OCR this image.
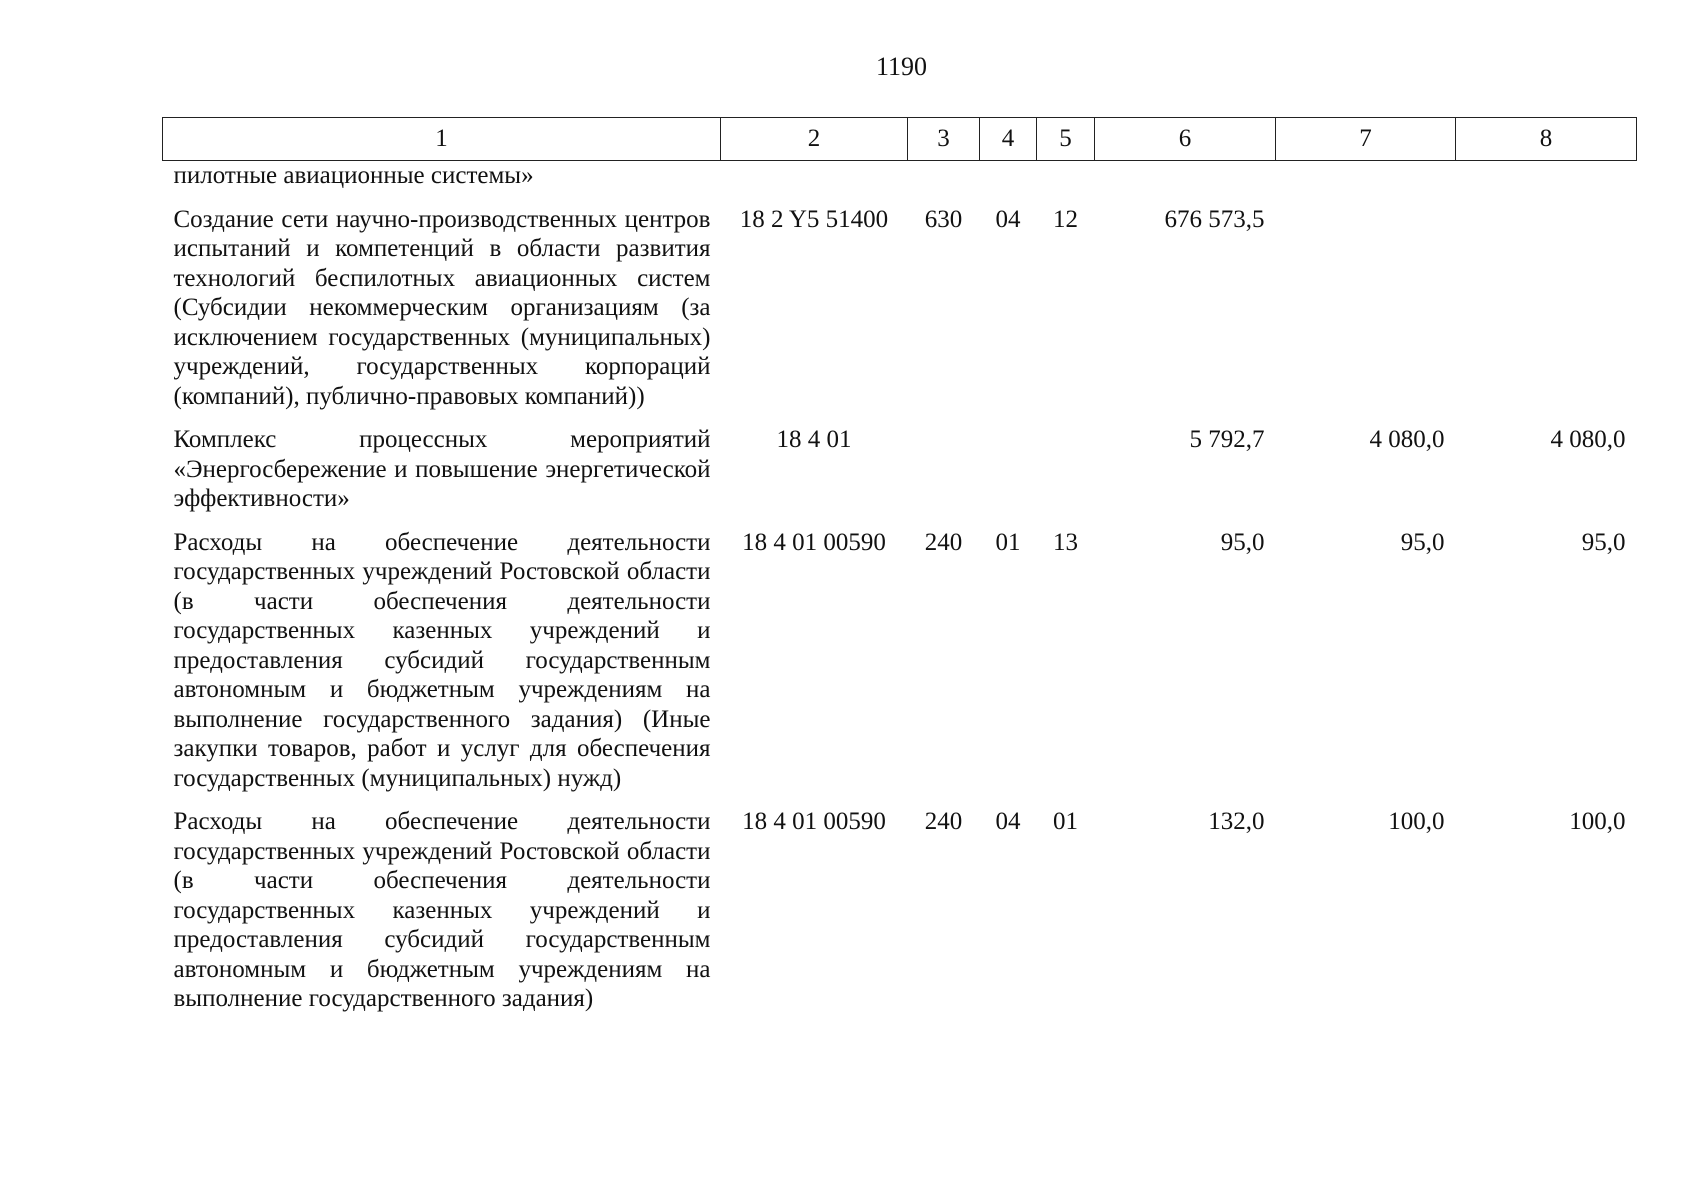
1190
1	2	3	4	5	6	7	8
пилотные авиационные системы»							
Создание сети научно-производственных центров испытаний и компетенций в области развития технологий беспилотных авиационных систем (Субсидии некоммерческим организациям (за исключением государственных (муниципальных) учреждений, государственных корпораций (компаний), публично-правовых компаний))	18 2 Y5 51400	630	04	12	676 573,5		
Комплекс процессных мероприятий «Энергосбережение и повышение энергетической эффективности»	18 4 01				5 792,7	4 080,0	4 080,0
Расходы на обеспечение деятельности государственных учреждений Ростовской области (в части обеспечения деятельности государственных казенных учреждений и предоставления субсидий государственным автономным и бюджетным учреждениям на выполнение государственного задания) (Иные закупки товаров, работ и услуг для обеспечения государственных (муниципальных) нужд)	18 4 01 00590	240	01	13	95,0	95,0	95,0
Расходы на обеспечение деятельности государственных учреждений Ростовской области (в части обеспечения деятельности государственных казенных учреждений и предоставления субсидий государственным автономным и бюджетным учреждениям на выполнение государственного задания)	18 4 01 00590	240	04	01	132,0	100,0	100,0
